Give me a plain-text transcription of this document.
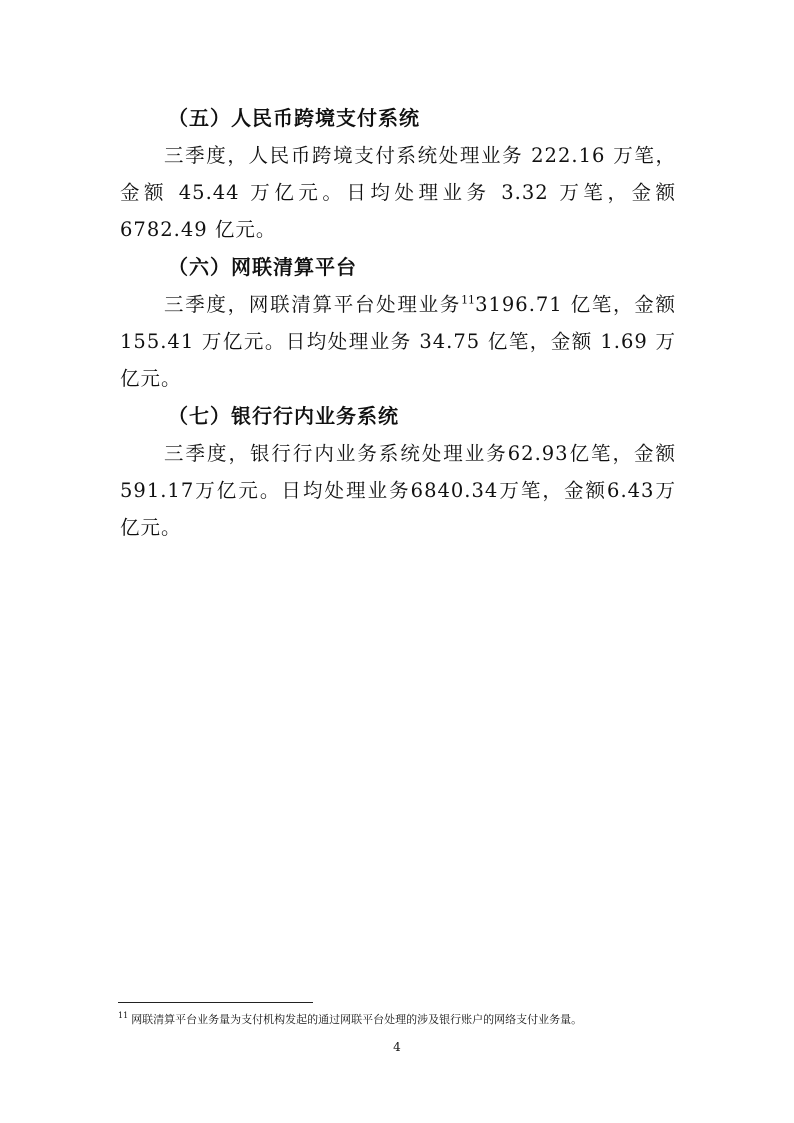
（五）人民币跨境支付系统

三季度，人民币跨境支付系统处理业务 222.16 万笔，金额 45.44 万亿元。日均处理业务 3.32 万笔，金额 6782.49 亿元。

（六）网联清算平台

三季度，网联清算平台处理业务$^{11}$3196.71 亿笔，金额 155.41 万亿元。日均处理业务 34.75 亿笔，金额 1.69 万亿元。

（七）银行行内业务系统

三季度，银行行内业务系统处理业务62.93亿笔，金额591.17万亿元。日均处理业务6840.34万笔，金额6.43万亿元。

$^{11}$ 网联清算平台业务量为支付机构发起的通过网联平台处理的涉及银行账户的网络支付业务量。
4
